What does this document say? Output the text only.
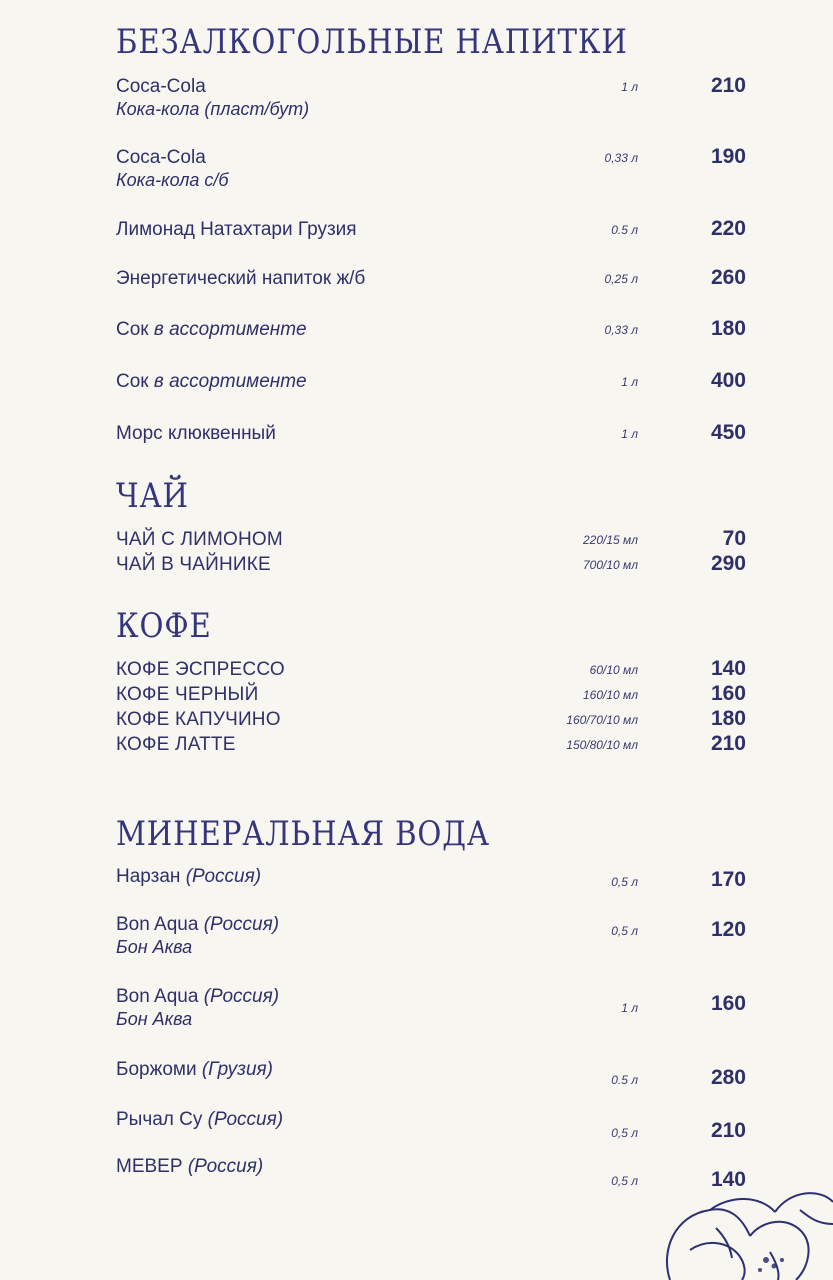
БЕЗАЛКОГОЛЬНЫЕ НАПИТКИ
Coca-Cola
Кока-кола (пласт/бут)
1 л	210
Coca-Cola
Кока-кола с/б
0,33 л	190
Лимонад Натахтари Грузия	0.5 л	220
Энергетический напиток ж/б	0,25 л	260
Сок в ассортименте	0,33 л	180
Сок в ассортименте	1 л	400
Морс клюквенный	1 л	450
ЧАЙ
ЧАЙ С ЛИМОНОМ	220/15 мл	70
ЧАЙ В ЧАЙНИКЕ	700/10 мл	290
КОФЕ
КОФЕ ЭСПРЕССО	60/10 мл	140
КОФЕ ЧЕРНЫЙ	160/10 мл	160
КОФЕ КАПУЧИНО	160/70/10 мл	180
КОФЕ ЛАТТЕ	150/80/10 мл	210
МИНЕРАЛЬНАЯ ВОДА
Нарзан (Россия)	0,5 л	170
Bon Aqua (Россия)
Бон Аква
0,5 л	120
Bon Aqua (Россия)
Бон Аква
1 л	160
Боржоми (Грузия)	0.5 л	280
Рычал Су (Россия)
0,5 л	210
МЕВЕР (Россия)
0,5 л	140
